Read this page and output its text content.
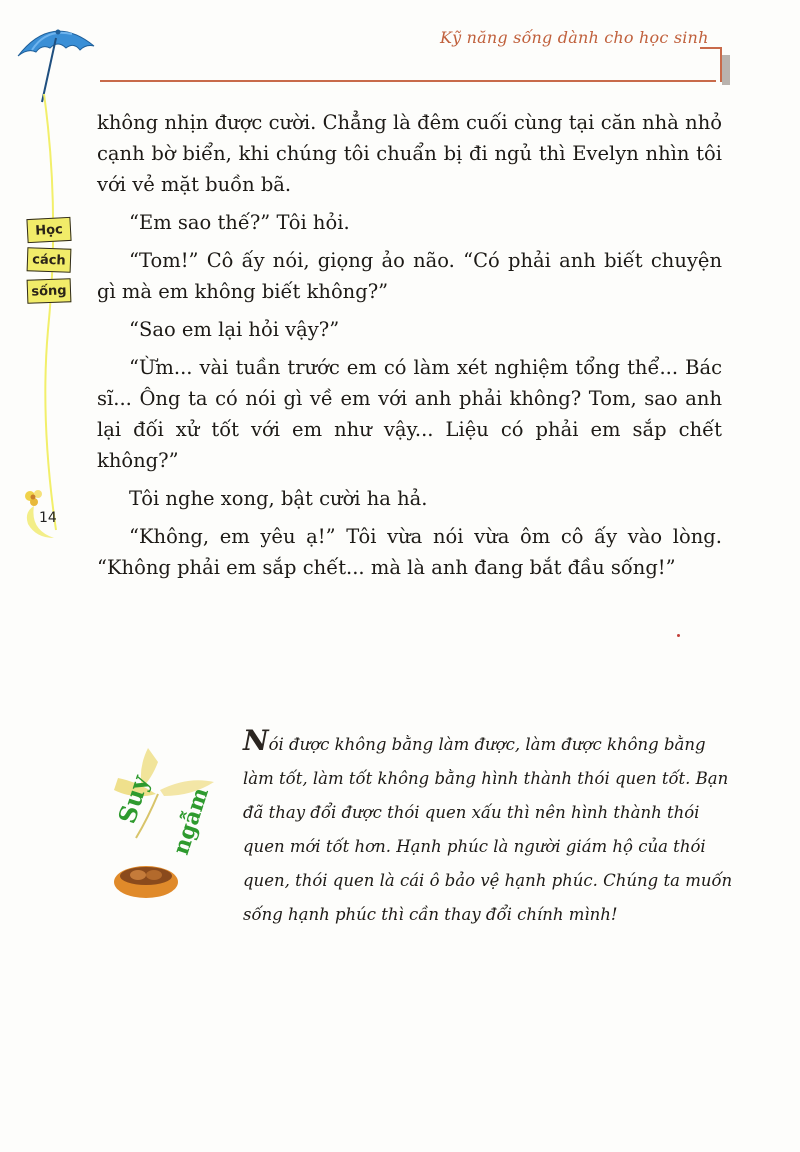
Kỹ năng sống dành cho học sinh
Học
cách
sống
14

không nhịn được cười. Chẳng là đêm cuối cùng tại căn nhà nhỏ cạnh bờ biển, khi chúng tôi chuẩn bị đi ngủ thì Evelyn nhìn tôi với vẻ mặt buồn bã.

“Em sao thế?” Tôi hỏi.

“Tom!” Cô ấy nói, giọng ảo não. “Có phải anh biết chuyện gì mà em không biết không?”

“Sao em lại hỏi vậy?”

“Ừm... vài tuần trước em có làm xét nghiệm tổng thể... Bác sĩ... Ông ta có nói gì về em với anh phải không? Tom, sao anh lại đối xử tốt với em như vậy... Liệu có phải em sắp chết không?”

Tôi nghe xong, bật cười ha hả.

“Không, em yêu ạ!” Tôi vừa nói vừa ôm cô ấy vào lòng. “Không phải em sắp chết... mà là anh đang bắt đầu sống!”

Suy ngẫm
Nói được không bằng làm được, làm được không bằng làm tốt, làm tốt không bằng hình thành thói quen tốt. Bạn đã thay đổi được thói quen xấu thì nên hình thành thói quen mới tốt hơn. Hạnh phúc là người giám hộ của thói quen, thói quen là cái ô bảo vệ hạnh phúc. Chúng ta muốn sống hạnh phúc thì cần thay đổi chính mình!
